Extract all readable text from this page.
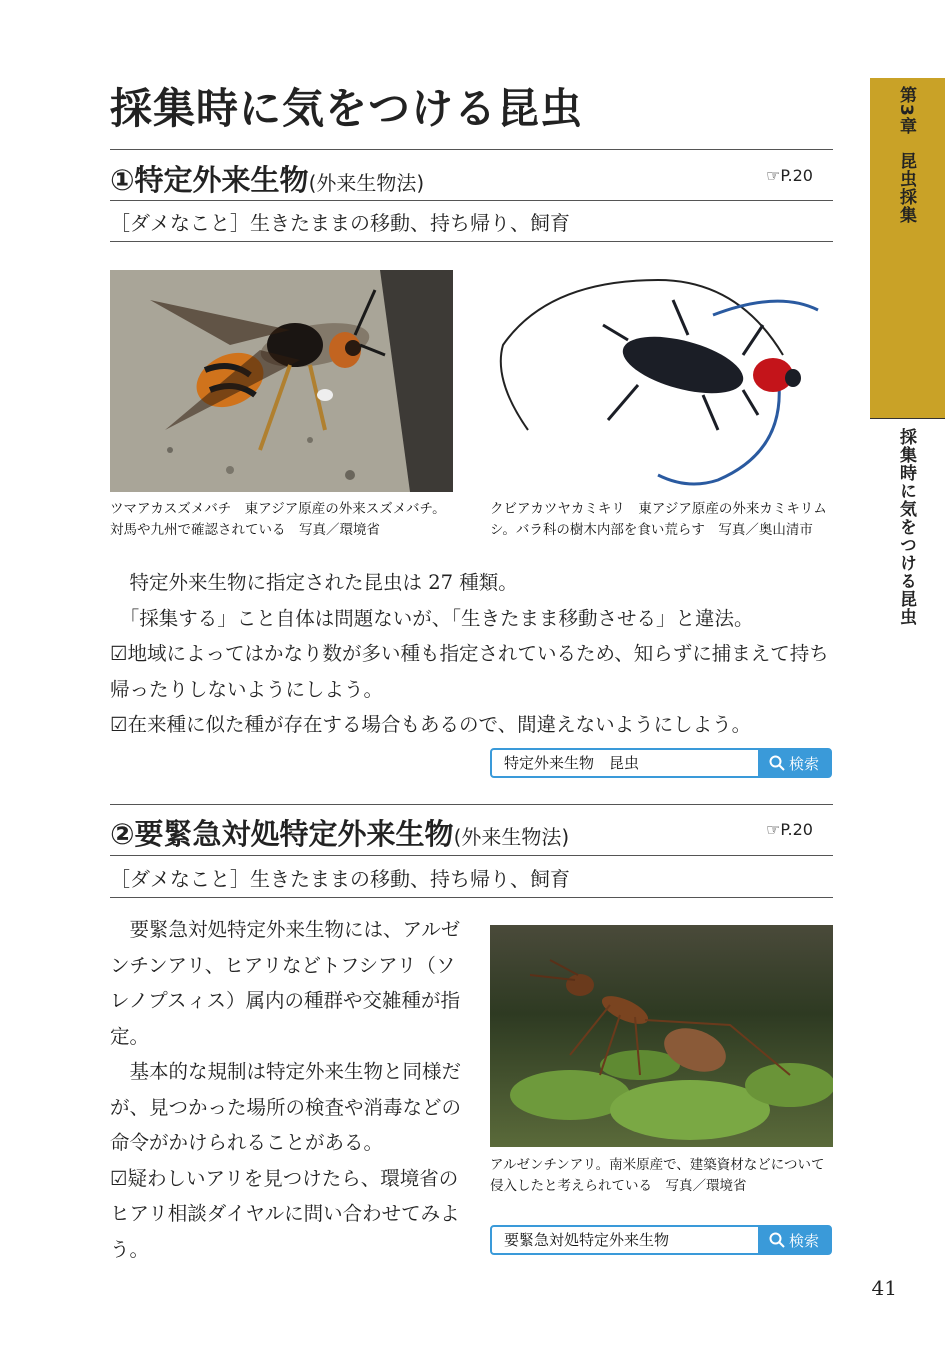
第3章
昆虫採集
採集時に気をつける昆虫
採集時に気をつける昆虫
①特定外来生物(外来生物法)	☞P.20
［ダメなこと］生きたままの移動、持ち帰り、飼育
ツマアカスズメバチ　東アジア原産の外来スズメバチ。対馬や九州で確認されている　写真／環境省
クビアカツヤカミキリ　東アジア原産の外来カミキリムシ。バラ科の樹木内部を食い荒らす　写真／奥山清市

　特定外来生物に指定された昆虫は 27 種類。

　「採集する」こと自体は問題ないが、「生きたまま移動させる」と違法。

☑地域によってはかなり数が多い種も指定されているため、知らずに捕まえて持ち帰ったりしないようにしよう。

☑在来種に似た種が存在する場合もあるので、間違えないようにしよう。

特定外来生物　昆虫	検索
②要緊急対処特定外来生物(外来生物法)	☞P.20
［ダメなこと］生きたままの移動、持ち帰り、飼育

　要緊急対処特定外来生物には、アルゼンチンアリ、ヒアリなどトフシアリ（ソレノプスィス）属内の種群や交雑種が指定。

　基本的な規制は特定外来生物と同様だが、見つかった場所の検査や消毒などの命令がかけられることがある。

☑疑わしいアリを見つけたら、環境省のヒアリ相談ダイヤルに問い合わせてみよう。

アルゼンチンアリ。南米原産で、建築資材などについて侵入したと考えられている　写真／環境省
要緊急対処特定外来生物	検索
41
